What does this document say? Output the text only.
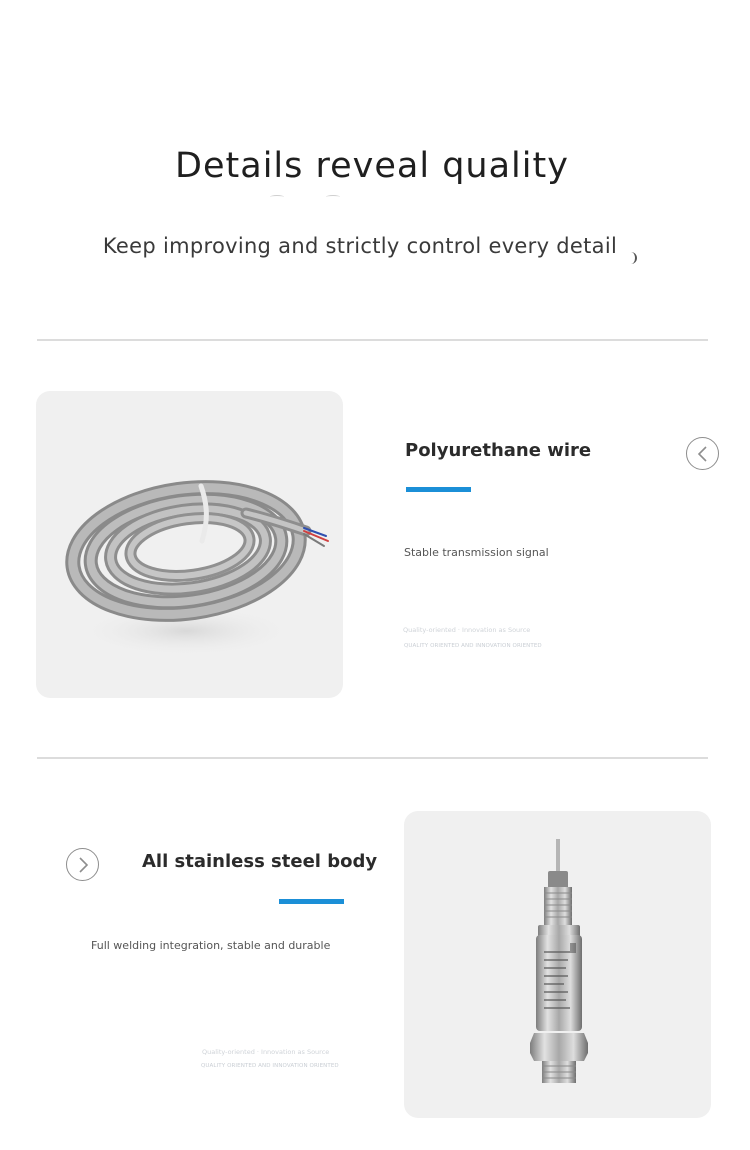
Details reveal quality

Keep improving and strictly control every detail

Polyurethane wire

Stable transmission signal

Quality-oriented · Innovation as Source

QUALITY ORIENTED AND INNOVATION ORIENTED

All stainless steel body

Full welding integration, stable and durable

Quality-oriented · Innovation as Source

QUALITY ORIENTED AND INNOVATION ORIENTED
